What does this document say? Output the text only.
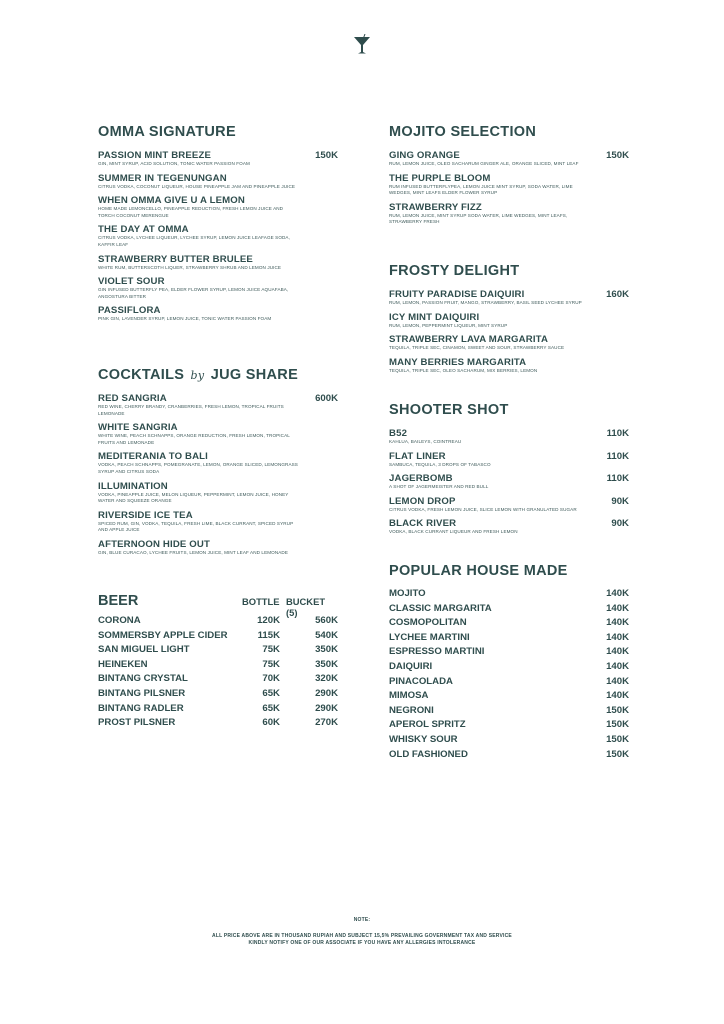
OMMA SIGNATURE
PASSION MINT BREEZE	150K
GIN, MINT SYRUP, ACID SOLUTION, TONIC WATER PASSION FOAM
SUMMER IN TEGENUNGAN
CITRUS VODKA, COCONUT LIQUEUR, HOUSE PINEAPPLE JAM AND PINEAPPLE JUICE
WHEN OMMA GIVE U A LEMON
HOME MADE LEMONCELLO, PINEAPPLE REDUCTION, FRESH LEMON JUICE AND TORCH COCONUT MERENGUE
THE DAY AT OMMA
CITRUS VODKA, LYCHEE LIQUEUR, LYCHEE SYRUP, LEMON JUICE LEAFAGE SODA, KAFFIR LEAF
STRAWBERRY BUTTER BRULEE
WHITE RUM, BUTTERSCOTH LIQUER, STRAWBERRY SHRUB AND LEMON JUICE
VIOLET SOUR
GIN INFUSED BUTTERFLY PEA, ELDER FLOWER SYRUP, LEMON JUICE AQUAFABA, ANGOSTURA BITTER
PASSIFLORA
PINK GIN, LAVENDER SYRUP, LEMON JUICE, TONIC WATER PASSION FOAM
COCKTAILS by JUG SHARE
RED SANGRIA	600K
RED WINE, CHERRY BRANDY, CRANBERRIES, FRESH LEMON, TROPICAL FRUITS LEMONADE
WHITE SANGRIA
WHITE WINE, PEACH SCHNAPPS, ORANGE REDUCTION, FRESH LEMON, TROPICAL FRUITS AND LEMONADE
MEDITERANIA TO BALI
VODKA, PEACH SCHNAPPS, POMEGRANATE, LEMON, ORANGE SLICED, LEMONGRASS SYRUP AND CITRUS SODA
ILLUMINATION
VODKA, PINEAPPLE JUICE, MELON LIQUEUR, PEPPERMINT, LEMON JUICE, HONEY WATER AND SQUEEZE ORANGE
RIVERSIDE ICE TEA
SPICED RUM, GIN, VODKA, TEQUILA, FRESH LIME, BLACK CURRANT, SPICED SYRUP AND APPLE JUICE
AFTERNOON HIDE OUT
GIN, BLUE CURACAO, LYCHEE FRUITS, LEMON JUICE, MINT LEAF AND LEMONADE
BEER	BOTTLE BUCKET (5)
CORONA	120K	560K
SOMMERSBY APPLE CIDER	115K	540K
SAN MIGUEL LIGHT	75K	350K
HEINEKEN	75K	350K
BINTANG CRYSTAL	70K	320K
BINTANG PILSNER	65K	290K
BINTANG RADLER	65K	290K
PROST PILSNER	60K	270K
MOJITO SELECTION
GING ORANGE	150K
RUM, LEMON JUICE, OLEO SACHARUM GINGER ALE, ORANGE SLICED, MINT LEAF
THE PURPLE BLOOM
RUM INFUSED BUTTERFLYPEA, LEMON JUICE MINT SYRUP, SODA WATER, LIME WEDGES, MINT LEAFS ELDER FLOWER SYRUP
STRAWBERRY FIZZ
RUM, LEMON JUICE, MINT SYRUP SODA WATER, LIME WEDGES, MINT LEAFS, STRAWBERRY FRESH
FROSTY DELIGHT
FRUITY PARADISE DAIQUIRI	160K
RUM, LEMON, PASSION FRUIT, MANGO, STRAWBERRY, BASIL SEED LYCHEE SYRUP
ICY MINT DAIQUIRI
RUM, LEMON, PEPPERMINT LIQUEUR, MINT SYRUP
STRAWBERRY LAVA MARGARITA
TEQUILA, TRIPLE SEC, CINAMON, SWEET AND SOUR, STRAWBERRY SAUCE
MANY BERRIES MARGARITA
TEQUILA, TRIPLE SEC, OLEO SACHARUM, MIX BERRIES, LEMON
SHOOTER SHOT
B52	110K
KAHLUA, BAILEYS, COINTREAU
FLAT LINER	110K
SAMBUCA, TEQUILA, 3 DROPS OF TABASCO
JAGERBOMB	110K
A SHOT OF JAGERMEISTER AND RED BULL
LEMON DROP	90K
CITRUS VODKA, FRESH LEMON JUICE, SLICE LEMON WITH GRANULATED SUGAR
BLACK RIVER	90K
VODKA, BLACK CURRANT LIQUEUR AND FRESH LEMON
POPULAR HOUSE MADE
MOJITO	140K
CLASSIC MARGARITA	140K
COSMOPOLITAN	140K
LYCHEE MARTINI	140K
ESPRESSO MARTINI	140K
DAIQUIRI	140K
PINACOLADA	140K
MIMOSA	140K
NEGRONI	150K
APEROL SPRITZ	150K
WHISKY SOUR	150K
OLD FASHIONED	150K
NOTE:
ALL PRICE ABOVE ARE IN THOUSAND RUPIAH AND SUBJECT 15,5% PREVAILING GOVERNMENT TAX AND SERVICE
KINDLY NOTIFY ONE OF OUR ASSOCIATE IF YOU HAVE ANY ALLERGIES INTOLERANCE
